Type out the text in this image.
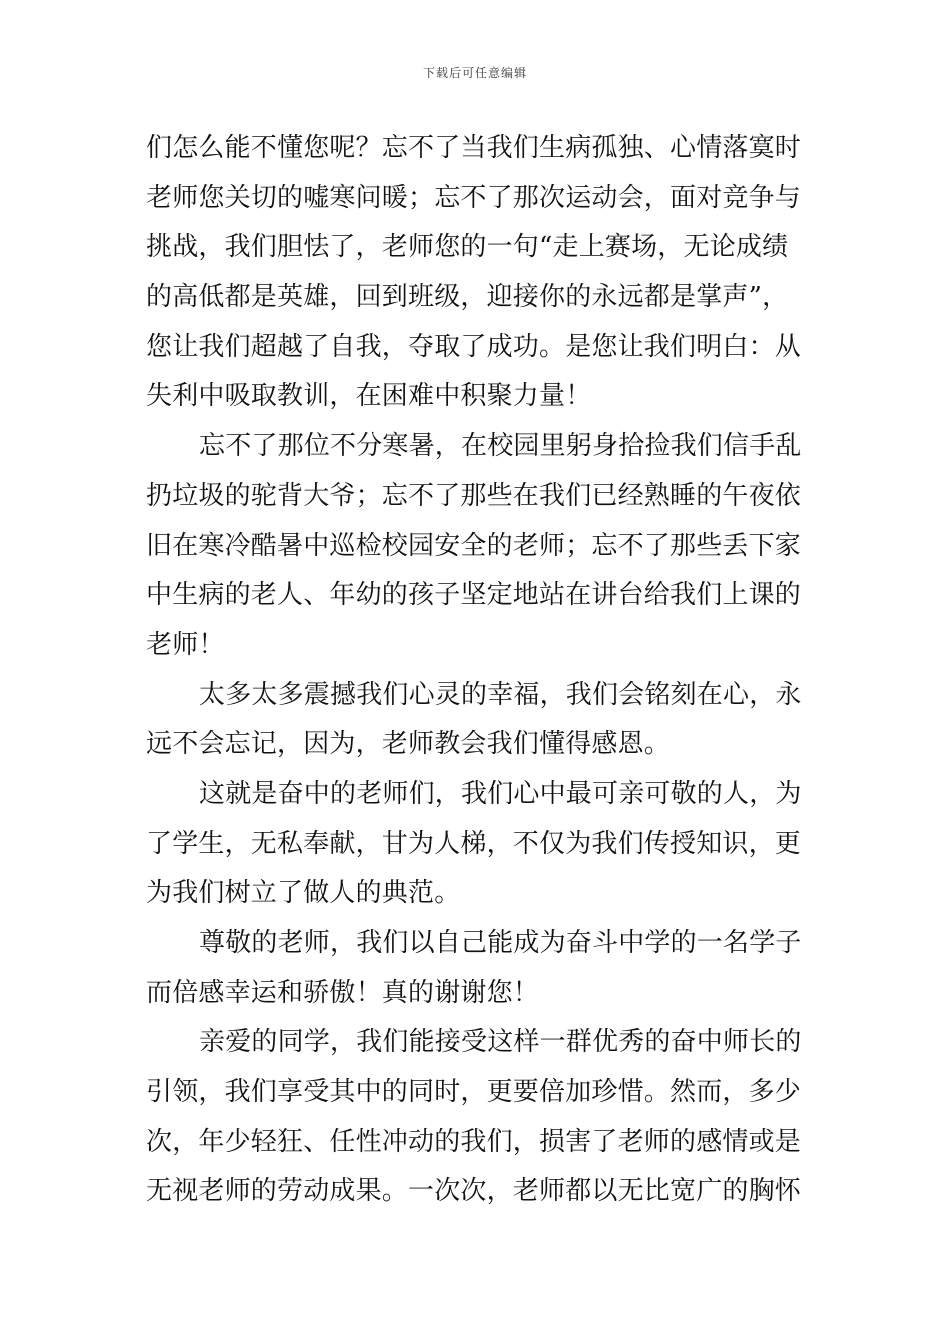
下载后可任意编辑
们怎么能不懂您呢？忘不了当我们生病孤独、心情落寞时
老师您关切的嘘寒问暖；忘不了那次运动会，面对竞争与
挑战，我们胆怯了，老师您的一句“走上赛场，无论成绩
的高低都是英雄，回到班级，迎接你的永远都是掌声”，
您让我们超越了自我，夺取了成功。是您让我们明白：从
失利中吸取教训，在困难中积聚力量！
忘不了那位不分寒暑，在校园里躬身拾捡我们信手乱
扔垃圾的驼背大爷；忘不了那些在我们已经熟睡的午夜依
旧在寒冷酷暑中巡检校园安全的老师；忘不了那些丢下家
中生病的老人、年幼的孩子坚定地站在讲台给我们上课的
老师！
太多太多震撼我们心灵的幸福，我们会铭刻在心，永
远不会忘记，因为，老师教会我们懂得感恩。
这就是奋中的老师们，我们心中最可亲可敬的人，为
了学生，无私奉献，甘为人梯，不仅为我们传授知识，更
为我们树立了做人的典范。
尊敬的老师，我们以自己能成为奋斗中学的一名学子
而倍感幸运和骄傲！真的谢谢您！
亲爱的同学，我们能接受这样一群优秀的奋中师长的
引领，我们享受其中的同时，更要倍加珍惜。然而，多少
次，年少轻狂、任性冲动的我们，损害了老师的感情或是
无视老师的劳动成果。一次次，老师都以无比宽广的胸怀
